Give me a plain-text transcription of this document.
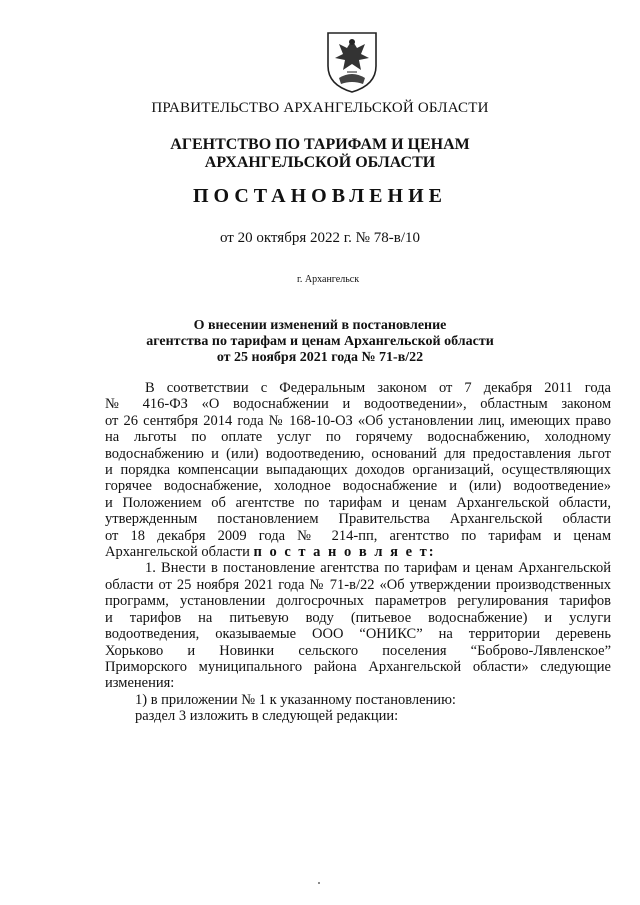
ПРАВИТЕЛЬСТВО АРХАНГЕЛЬСКОЙ ОБЛАСТИ
АГЕНТСТВО ПО ТАРИФАМ И ЦЕНАМ
АРХАНГЕЛЬСКОЙ ОБЛАСТИ
ПОСТАНОВЛЕНИЕ
от 20 октября 2022 г. № 78-в/10
г. Архангельск
О внесении изменений в постановление
агентства по тарифам и ценам Архангельской области
от 25 ноября 2021 года № 71-в/22

В соответствии с Федеральным законом от 7 декабря 2011 года

№ 416-ФЗ «О водоснабжении и водоотведении», областным законом

от 26 сентября 2014 года № 168-10-ОЗ «Об установлении лиц, имеющих право

на льготы по оплате услуг по горячему водоснабжению, холодному

водоснабжению и (или) водоотведению, оснований для предоставления льгот

и порядка компенсации выпадающих доходов организаций, осуществляющих

горячее водоснабжение, холодное водоснабжение и (или) водоотведение»

и Положением об агентстве по тарифам и ценам Архангельской области,

утвержденным постановлением Правительства Архангельской области

от 18 декабря 2009 года № 214-пп, агентство по тарифам и ценам

Архангельской области п о с т а н о в л я е т:

1. Внести в постановление агентства по тарифам и ценам Архангельской

области от 25 ноября 2021 года № 71-в/22 «Об утверждении производственных

программ, установлении долгосрочных параметров регулирования тарифов

и тарифов на питьевую воду (питьевое водоснабжение) и услуги

водоотведения, оказываемые ООО “ОНИКС” на территории деревень

Хорьково и Новинки сельского поселения “Боброво-Лявленское”

Приморского муниципального района Архангельской области» следующие

изменения:

1) в приложении № 1 к указанному постановлению:

раздел 3 изложить в следующей редакции:
